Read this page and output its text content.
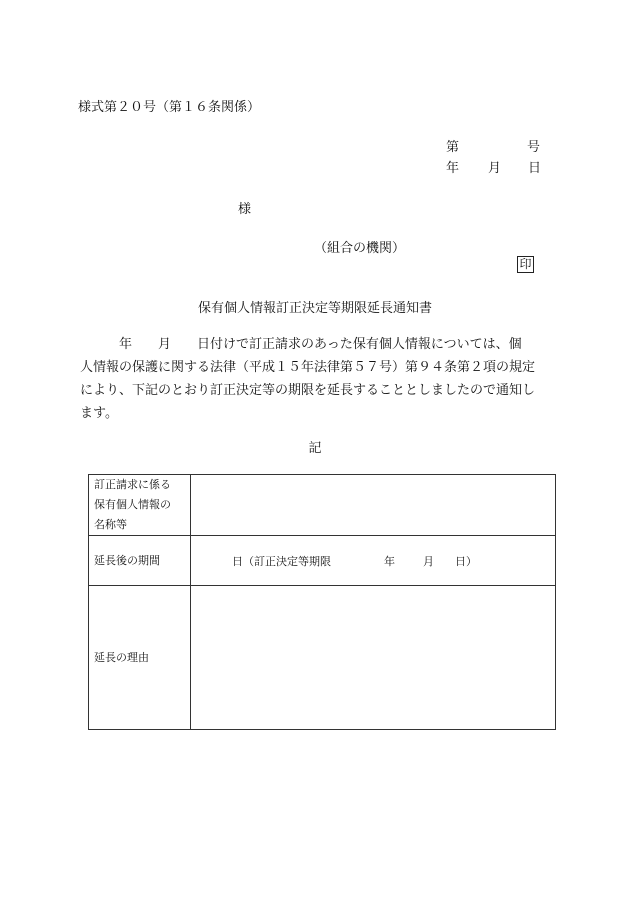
様式第２０号（第１６条関係）
第	号
年 月 日
様
（組合の機関）
印
保有個人情報訂正決定等期限延長通知書
　　　年　　月　　日付けで訂正請求のあった保有個人情報については、個
人情報の保護に関する法律（平成１５年法律第５７号）第９４条第２項の規定
により、下記のとおり訂正決定等の期限を延長することとしましたので通知し
ます。
記
訂正請求に係る
保有個人情報の
名称等	

延長後の期間	日（訂正決定等期限 年 月 日）

延長の理由	
